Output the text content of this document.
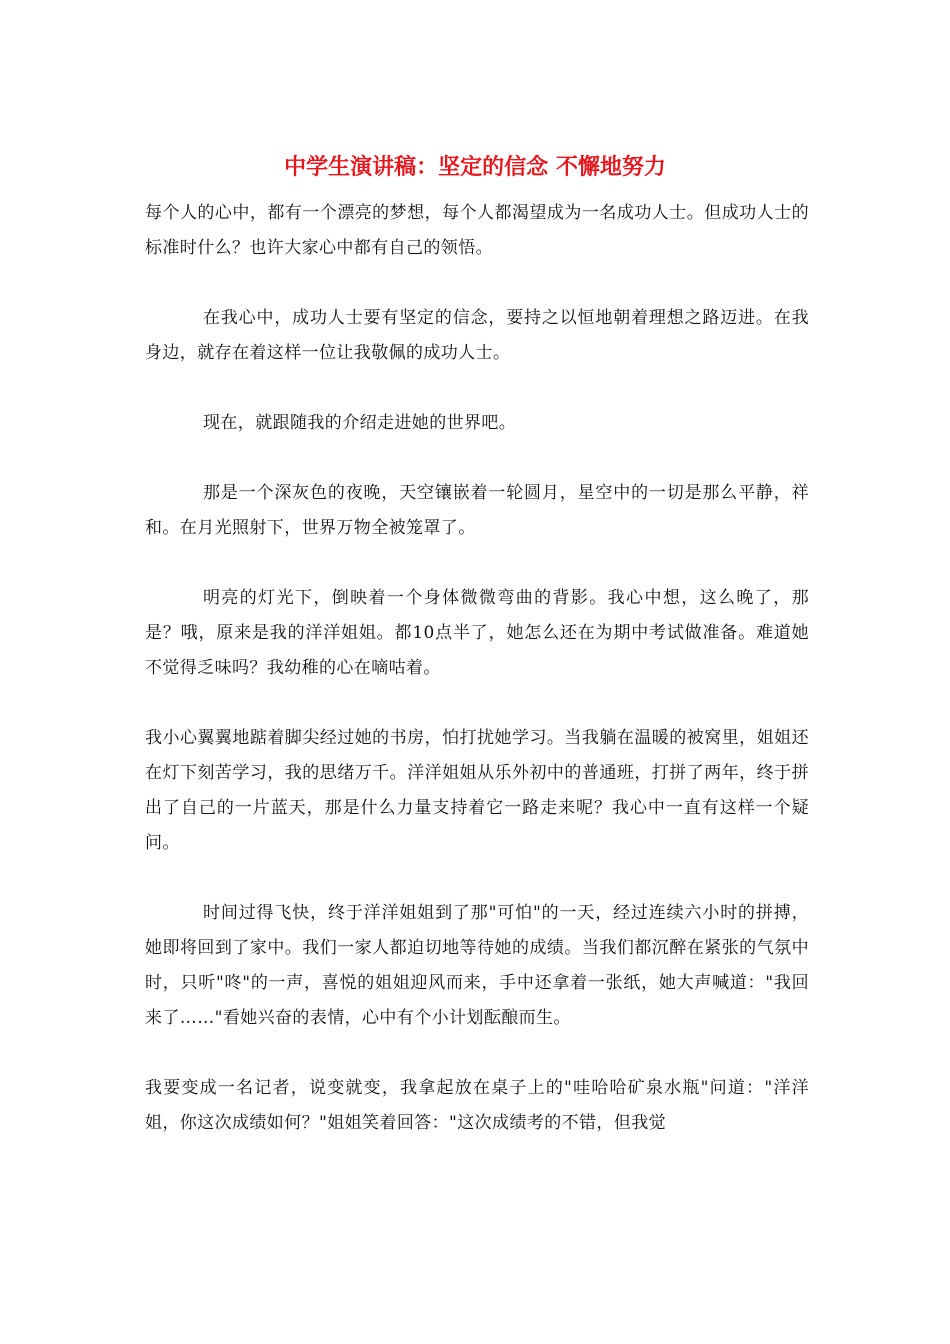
中学生演讲稿：坚定的信念 不懈地努力

每个人的心中，都有一个漂亮的梦想，每个人都渴望成为一名成功人士。但成功人士的标准时什么？也许大家心中都有自己的领悟。

在我心中，成功人士要有坚定的信念，要持之以恒地朝着理想之路迈进。在我身边，就存在着这样一位让我敬佩的成功人士。

现在，就跟随我的介绍走进她的世界吧。

那是一个深灰色的夜晚，天空镶嵌着一轮圆月，星空中的一切是那么平静，祥和。在月光照射下，世界万物全被笼罩了。

明亮的灯光下，倒映着一个身体微微弯曲的背影。我心中想，这么晚了，那是？哦，原来是我的洋洋姐姐。都10点半了，她怎么还在为期中考试做准备。难道她不觉得乏味吗？我幼稚的心在嘀咕着。

我小心翼翼地踮着脚尖经过她的书房，怕打扰她学习。当我躺在温暖的被窝里，姐姐还在灯下刻苦学习，我的思绪万千。洋洋姐姐从乐外初中的普通班，打拼了两年，终于拼出了自己的一片蓝天，那是什么力量支持着它一路走来呢？我心中一直有这样一个疑问。

时间过得飞快，终于洋洋姐姐到了那"可怕"的一天，经过连续六小时的拼搏，她即将回到了家中。我们一家人都迫切地等待她的成绩。当我们都沉醉在紧张的气氛中时，只听"咚"的一声，喜悦的姐姐迎风而来，手中还拿着一张纸，她大声喊道："我回来了……"看她兴奋的表情，心中有个小计划酝酿而生。

我要变成一名记者，说变就变，我拿起放在桌子上的"哇哈哈矿泉水瓶"问道："洋洋姐，你这次成绩如何？"姐姐笑着回答："这次成绩考的不错，但我觉
